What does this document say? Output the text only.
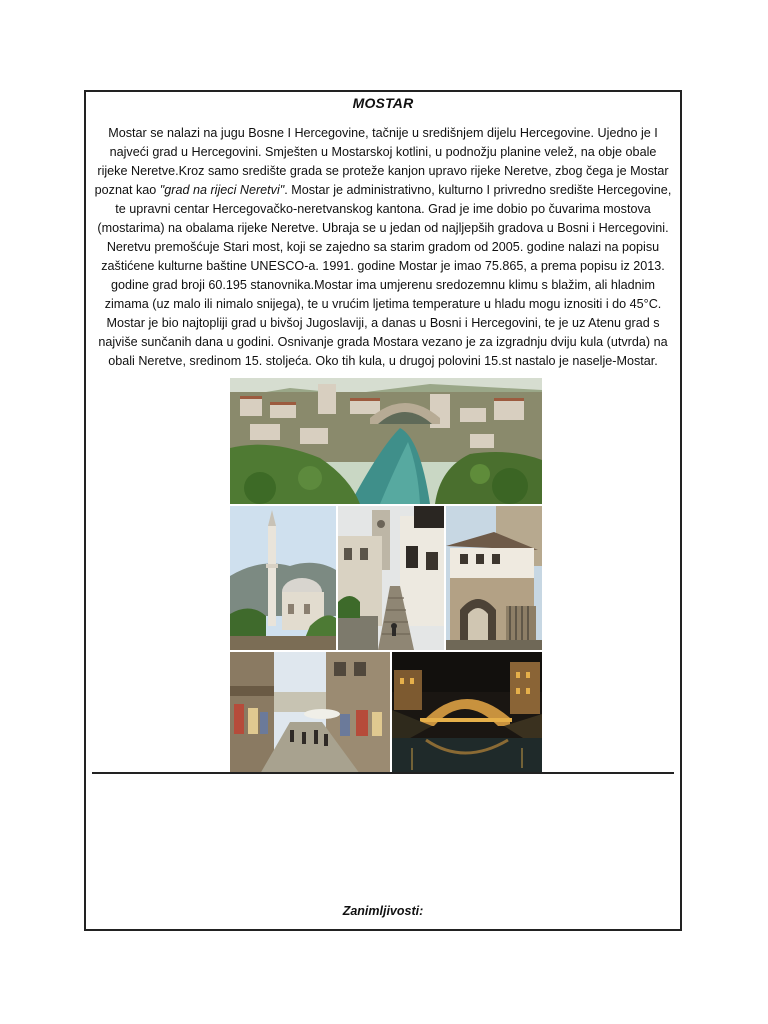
MOSTAR
Mostar se nalazi na jugu Bosne I Hercegovine, tačnije u središnjem dijelu Hercegovine. Ujedno je I najveći grad u Hercegovini. Smješten u Mostarskoj kotlini, u podnožju planine velež, na obje obale rijeke Neretve.Kroz samo središte grada se proteže kanjon upravo rijeke Neretve, zbog čega je Mostar poznat kao "grad na rijeci Neretvi". Mostar je administrativno, kulturno I privredno središte Hercegovine, te upravni centar Hercegovačko-neretvanskog kantona. Grad je ime dobio po čuvarima mostova (mostarima) na obalama rijeke Neretve. Ubraja se u jedan od najljepših gradova u Bosni i Hercegovini. Neretvu premošćuje Stari most, koji se zajedno sa starim gradom od 2005. godine nalazi na popisu zaštićene kulturne baštine UNESCO-a. 1991. godine Mostar je imao 75.865, a prema popisu iz 2013. godine grad broji 60.195 stanovnika.Mostar ima umjerenu sredozemnu klimu s blažim, ali hladnim zimama (uz malo ili nimalo snijega), te u vrućim ljetima temperature u hladu mogu iznositi i do 45°C. Mostar je bio najtopliji grad u bivšoj Jugoslaviji, a danas u Bosni i Hercegovini, te je uz Atenu grad s najviše sunčanih dana u godini. Osnivanje grada Mostara vezano je za izgradnju dviju kula (utvrda) na obali Neretve, sredinom 15. stoljeća. Oko tih kula, u drugoj polovini 15.st nastalo je naselje-Mostar.
Zanimljivosti:
